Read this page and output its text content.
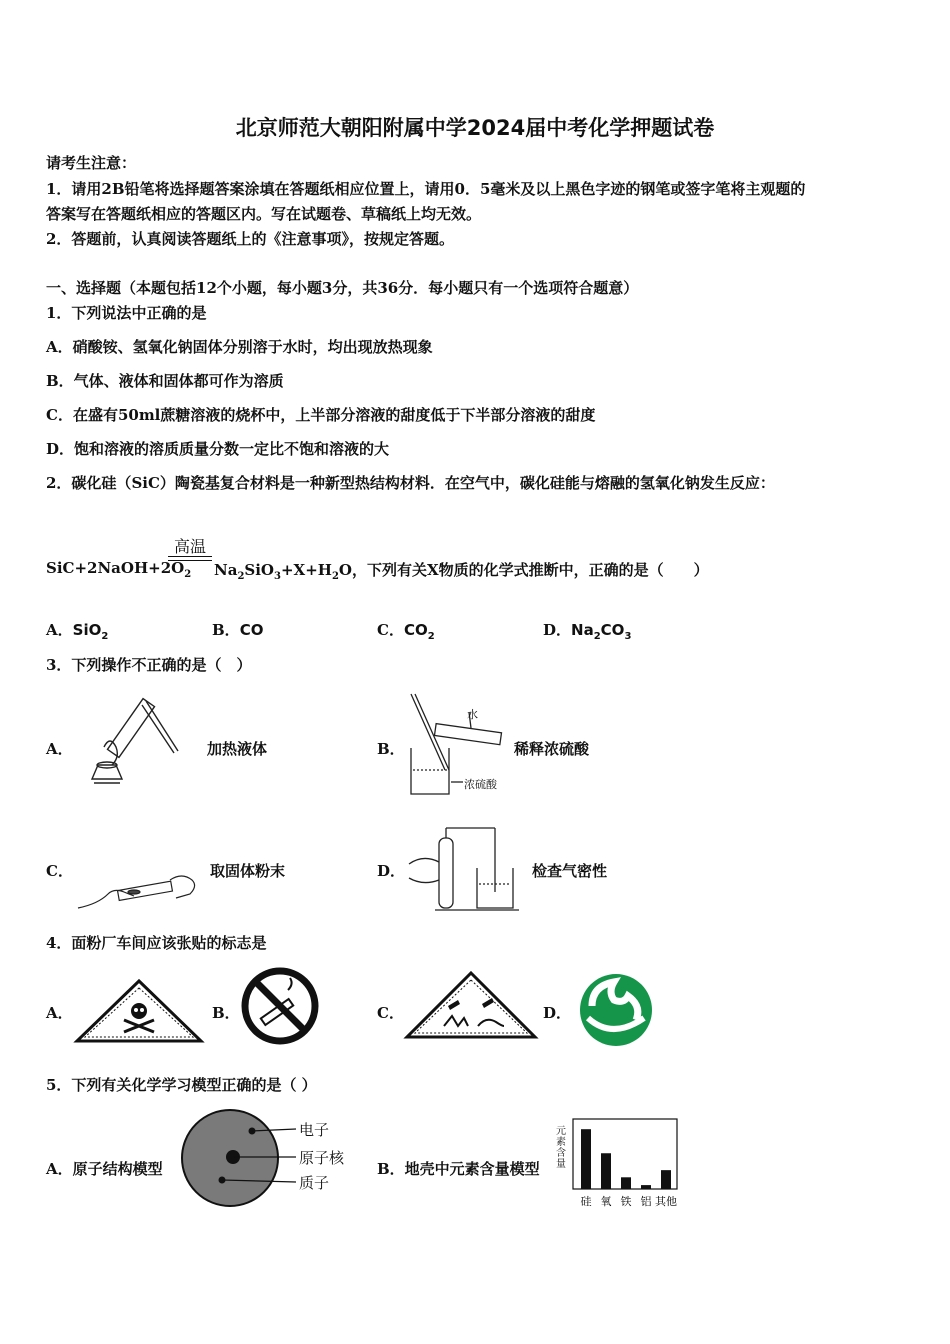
北京师范大朝阳附属中学2024届中考化学押题试卷
请考生注意：
1．请用2B铅笔将选择题答案涂填在答题纸相应位置上，请用0．5毫米及以上黑色字迹的钢笔或签字笔将主观题的
答案写在答题纸相应的答题区内。写在试题卷、草稿纸上均无效。
2．答题前，认真阅读答题纸上的《注意事项》，按规定答题。
一、选择题（本题包括12个小题，每小题3分，共36分．每小题只有一个选项符合题意）
1．下列说法中正确的是
A．硝酸铵、氢氧化钠固体分别溶于水时，均出现放热现象
B．气体、液体和固体都可作为溶质
C．在盛有50ml蔗糖溶液的烧杯中，上半部分溶液的甜度低于下半部分溶液的甜度
D．饱和溶液的溶质质量分数一定比不饱和溶液的大
2．碳化硅（SiC）陶瓷基复合材料是一种新型热结构材料．在空气中，碳化硅能与熔融的氢氧化钠发生反应：
高温
$SiC+2NaOH+2O_2$ $Na_2SiO_3+X+H_2O$，下列有关X物质的化学式推断中，正确的是（　　）
A．SiO$_2$	B．CO	C．$CO_2$	D．$Na_2CO_3$
3．下列操作不正确的是（　）
A．	加热液体	B．
水
浓硫酸
稀释浓硫酸
C．	取固体粉末	D．	检查气密性
4．面粉厂车间应该张贴的标志是
A．	B．	C．	D．
5．下列有关化学学习模型正确的是（ ）
A．原子结构模型
电子
原子核
质子
B．地壳中元素含量模型
元素含量
硅 氧 铁 铝 其他
